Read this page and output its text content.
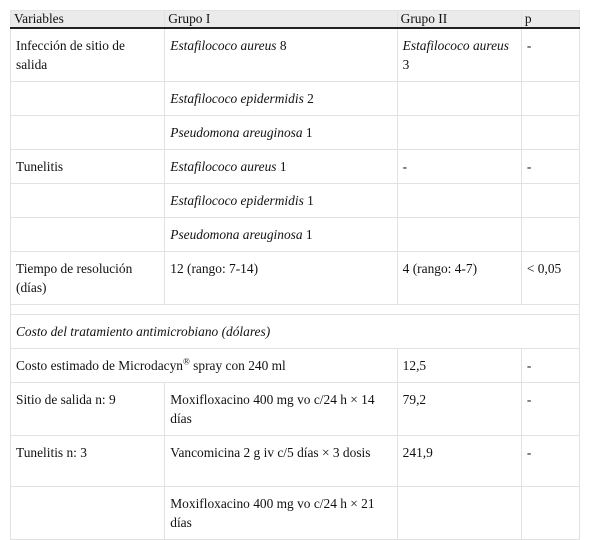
Variables	Grupo I	Grupo II	p
Infección de sitio de salida	Estafilococo aureus 8	Estafilococo aureus 3	-
	Estafilococo epidermidis 2		
	Pseudomona areuginosa 1		
Tunelitis	Estafilococo aureus 1	-	-
	Estafilococo epidermidis 1		
	Pseudomona areuginosa 1		
Tiempo de resolución (días)	12 (rango: 7-14)	4 (rango: 4-7)	< 0,05

Costo del tratamiento antimicrobiano (dólares)			
Costo estimado de Microdacyn® spray con 240 ml		12,5	-
Sitio de salida n: 9	Moxifloxacino 400 mg vo c/24 h × 14 días	79,2	-
Tunelitis n: 3	Vancomicina 2 g iv c/5 días × 3 dosis	241,9	-
	Moxifloxacino 400 mg vo c/24 h × 21 días		
